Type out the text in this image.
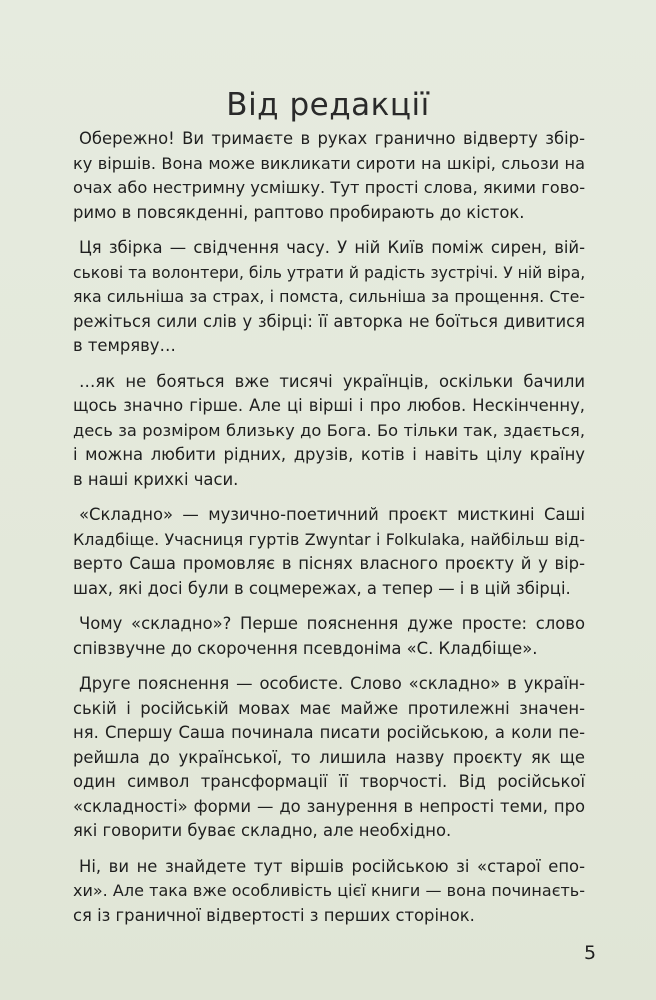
Від редакції

Обережно! Ви тримаєте в руках гранично відверту збір-
ку віршів. Вона може викликати сироти на шкірі, сльози на
очах або нестримну усмішку. Тут прості слова, якими гово-
римо в повсякденні, раптово пробирають до кісток.

Ця збірка — свідчення часу. У ній Київ поміж сирен, вій-
ськові та волонтери, біль утрати й радість зустрічі. У ній віра,
яка сильніша за страх, і помста, сильніша за прощення. Сте-
режіться сили слів у збірці: її авторка не боїться дивитися
в темряву…

…як не бояться вже тисячі українців, оскільки бачили
щось значно гірше. Але ці вірші і про любов. Нескінченну,
десь за розміром близьку до Бога. Бо тільки так, здається,
і можна любити рідних, друзів, котів і навіть цілу країну
в наші крихкі часи.

«Складно» — музично-поетичний проєкт мисткині Саші
Кладбіще. Учасниця гуртів Zwyntar і Folkulaka, найбільш від-
верто Саша промовляє в піснях власного проєкту й у вір-
шах, які досі були в соцмережах, а тепер — і в цій збірці.

Чому «складно»? Перше пояснення дуже просте: слово
співзвучне до скорочення псевдоніма «С. Кладбіще».

Друге пояснення — особисте. Слово «складно» в україн-
ській і російській мовах має майже протилежні значен-
ня. Спершу Саша починала писати російською, а коли пе-
рейшла до української, то лишила назву проєкту як ще
один символ трансформації її творчості. Від російської
«складності» форми — до занурення в непрості теми, про
які говорити буває складно, але необхідно.

Ні, ви не знайдете тут віршів російською зі «старої епо-
хи». Але така вже особливість цієї книги — вона починаєть-
ся із граничної відвертості з перших сторінок.

5
